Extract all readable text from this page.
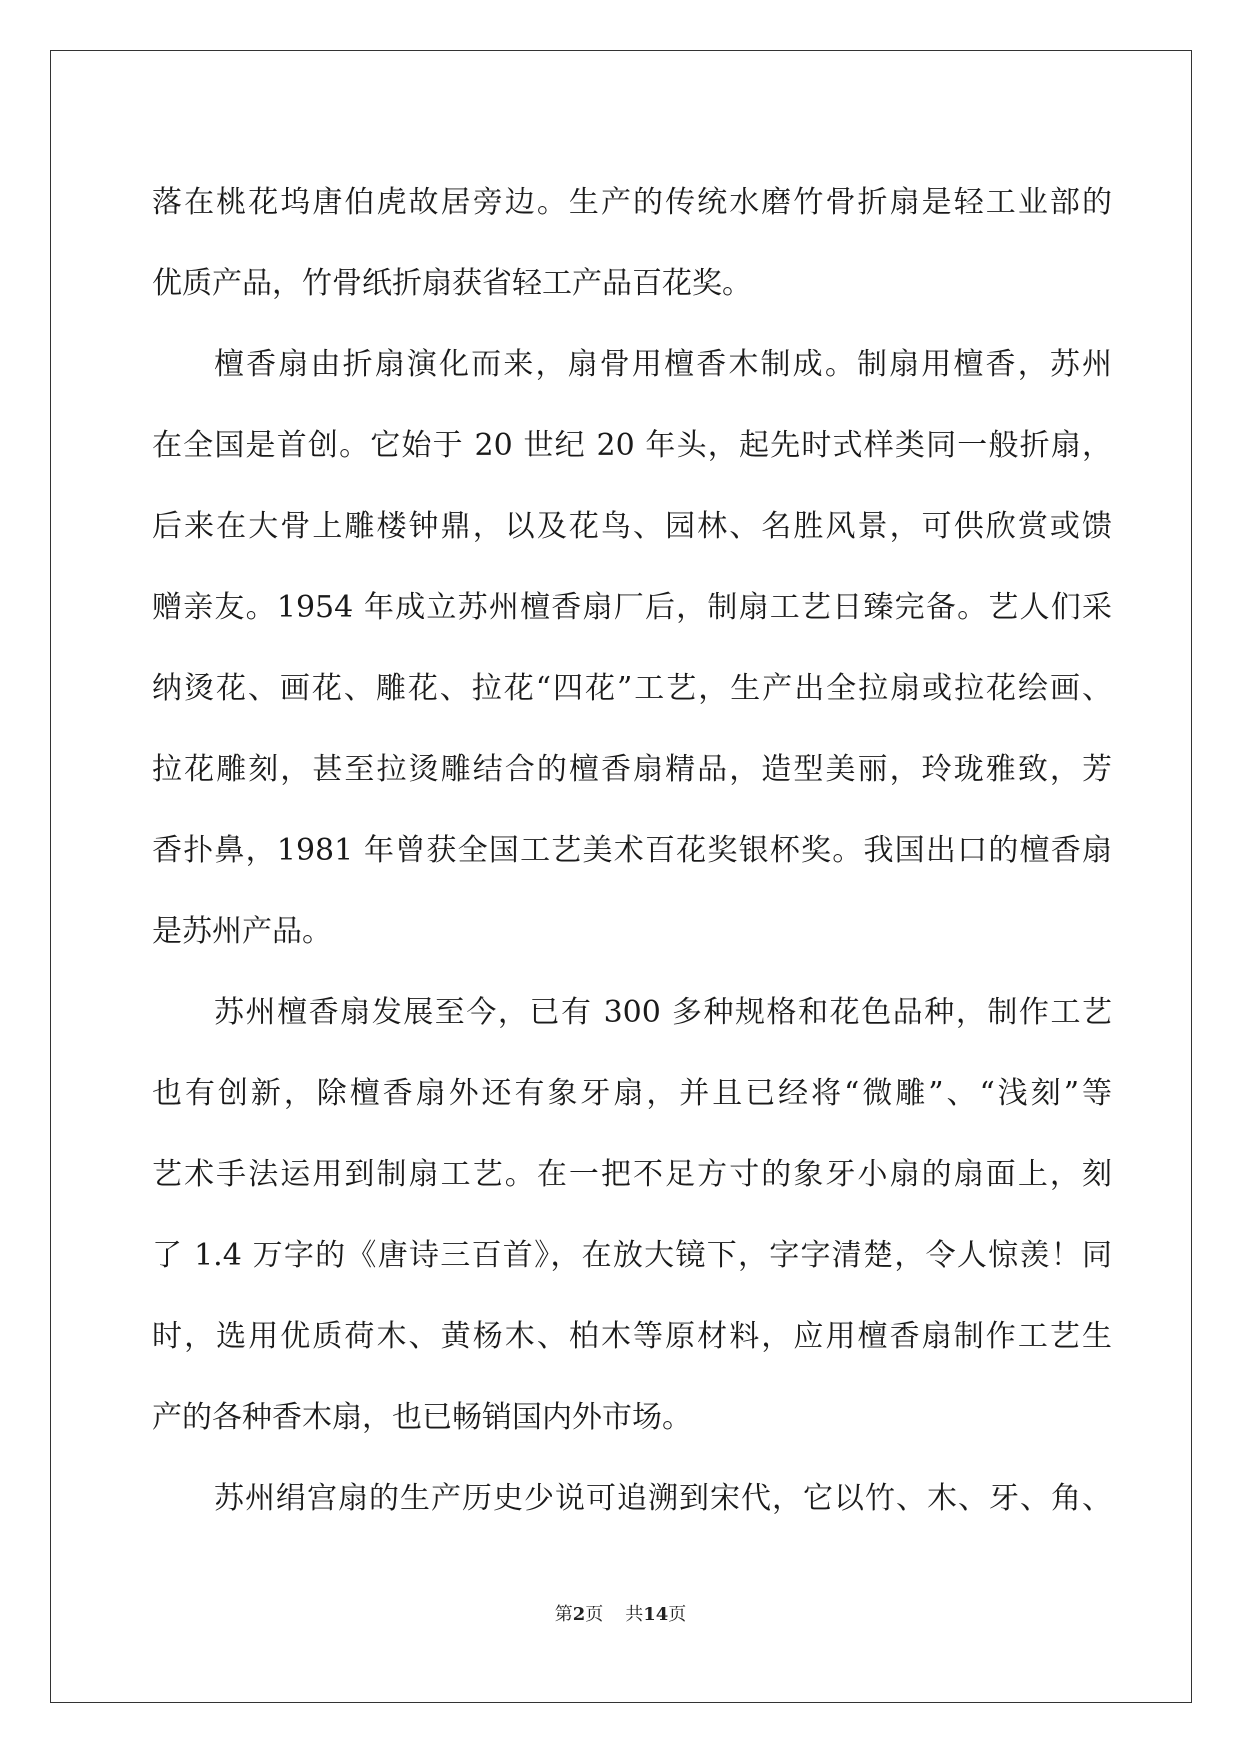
落在桃花坞唐伯虎故居旁边。生产的传统水磨竹骨折扇是轻工业部的
优质产品，竹骨纸折扇获省轻工产品百花奖。
檀香扇由折扇演化而来，扇骨用檀香木制成。制扇用檀香，苏州
在全国是首创。它始于 20 世纪 20 年头，起先时式样类同一般折扇，
后来在大骨上雕楼钟鼎，以及花鸟、园林、名胜风景，可供欣赏或馈
赠亲友。1954 年成立苏州檀香扇厂后，制扇工艺日臻完备。艺人们采
纳烫花、画花、雕花、拉花“四花”工艺，生产出全拉扇或拉花绘画、
拉花雕刻，甚至拉烫雕结合的檀香扇精品，造型美丽，玲珑雅致，芳
香扑鼻，1981 年曾获全国工艺美术百花奖银杯奖。我国出口的檀香扇
是苏州产品。
苏州檀香扇发展至今，已有 300 多种规格和花色品种，制作工艺
也有创新，除檀香扇外还有象牙扇，并且已经将“微雕”、“浅刻”等
艺术手法运用到制扇工艺。在一把不足方寸的象牙小扇的扇面上，刻
了 1.4 万字的《唐诗三百首》，在放大镜下，字字清楚，令人惊羡！同
时，选用优质荷木、黄杨木、柏木等原材料，应用檀香扇制作工艺生
产的各种香木扇，也已畅销国内外市场。
苏州绢宫扇的生产历史少说可追溯到宋代，它以竹、木、牙、角、
第2页 共14页
